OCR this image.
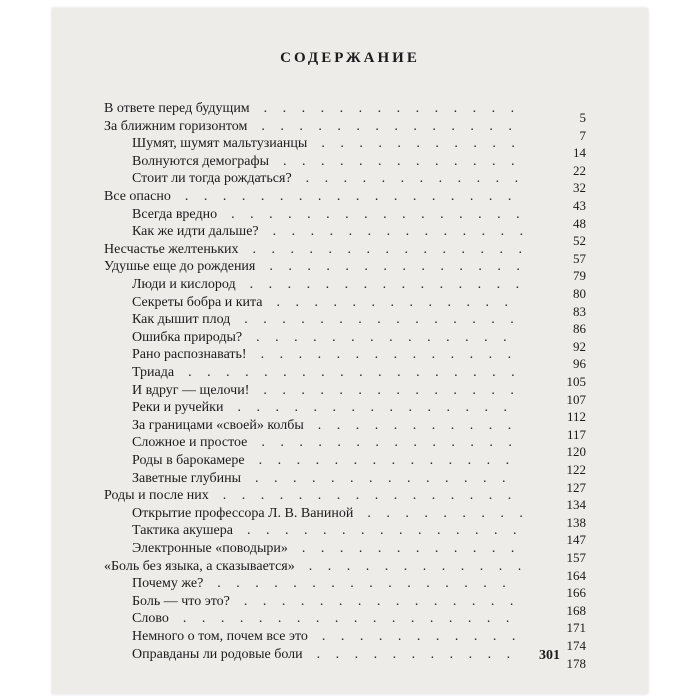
СОДЕРЖАНИЕ
В ответе перед будущим
5
. . . . . . . . . . . . . .
За ближним горизонтом
7
. . . . . . . . . . . . . .
Шумят, шумят мальтузианцы
14
. . . . . . . . . . .
Волнуются демографы
22
. . . . . . . . . . . . .
Стоит ли тогда рождаться?
32
. . . . . . . . . . . .
Все опасно
43
. . . . . . . . . . . . . . . . . .
Всегда вредно
48
. . . . . . . . . . . . . . . .
Как же идти дальше?
52
. . . . . . . . . . . . . .
Несчастье желтеньких
57
. . . . . . . . . . . . . . .
Удушье еще до рождения
79
. . . . . . . . . . . . . .
Люди и кислород
80
. . . . . . . . . . . . . . .
Секреты бобра и кита
83
. . . . . . . . . . . . .
Как дышит плод
86
. . . . . . . . . . . . . . .
Ошибка природы?
92
. . . . . . . . . . . . . .
Рано распознавать!
96
. . . . . . . . . . . . . .
Триада
105
. . . . . . . . . . . . . . . . . .
И вдруг — щелочи!
107
. . . . . . . . . . . . . .
Реки и ручейки
112
. . . . . . . . . . . . . . .
За границами «своей» колбы
117
. . . . . . . . . . .
Сложное и простое
120
. . . . . . . . . . . . . .
Роды в барокамере
122
. . . . . . . . . . . . . .
Заветные глубины
127
. . . . . . . . . . . . . .
Роды и после них
134
. . . . . . . . . . . . . . . .
Открытие профессора Л. В. Ваниной
138
. . . . . . . . .
Тактика акушера
147
. . . . . . . . . . . . . . .
Электронные «поводыри»
157
. . . . . . . . . . . .
«Боль без языка, а сказывается»
164
. . . . . . . . . . . .
Почему же?
166
. . . . . . . . . . . . . . . .
Боль — что это?
168
. . . . . . . . . . . . . . .
Слово
171
. . . . . . . . . . . . . . . . . .
Немного о том, почем все это
174
. . . . . . . . . . .
Оправданы ли родовые боли
178
. . . . . . . . . . . 301
